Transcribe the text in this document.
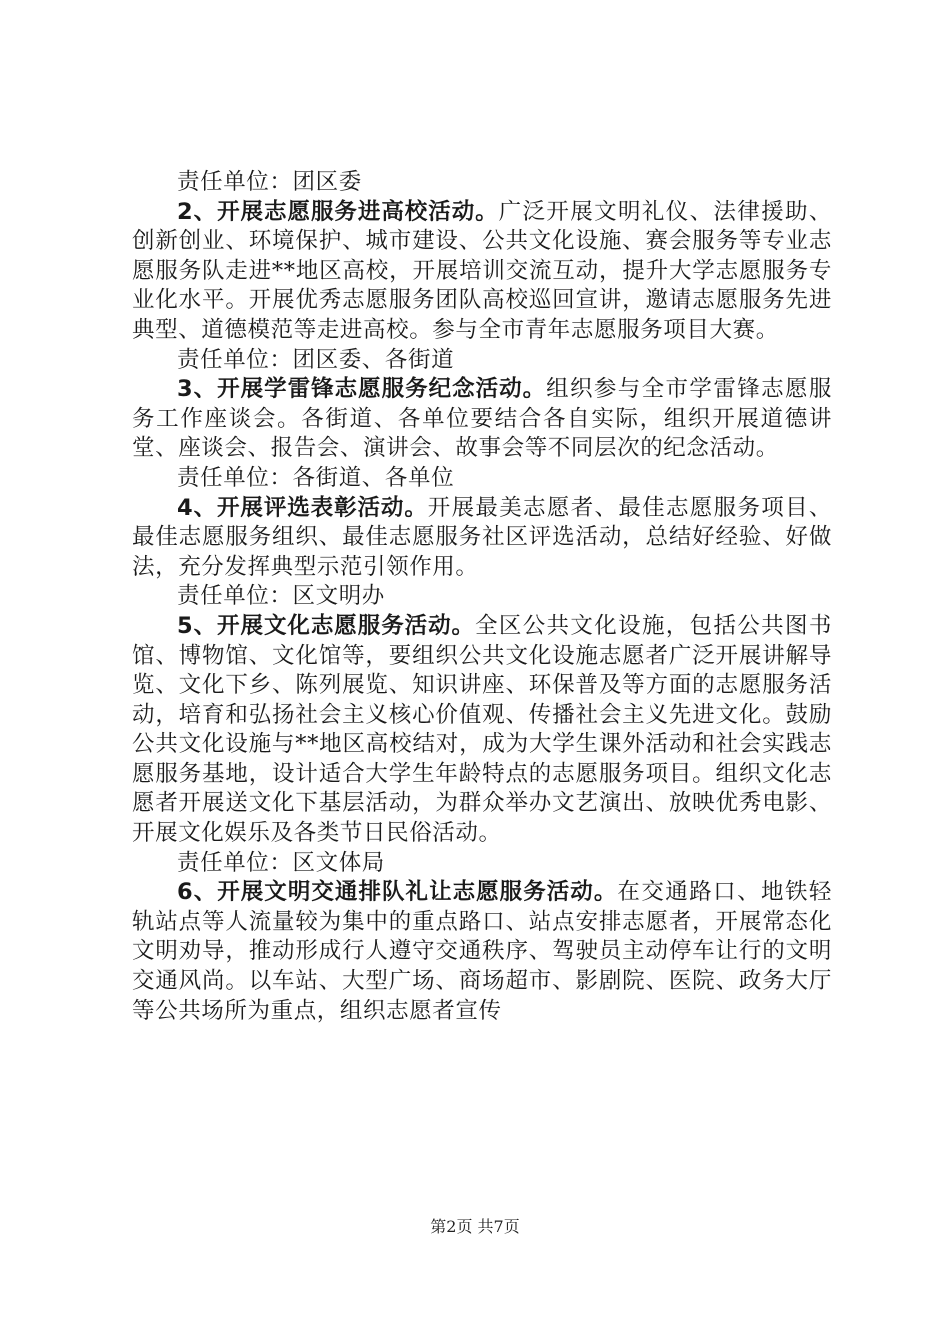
责任单位：团区委

2、开展志愿服务进高校活动。广泛开展文明礼仪、法律援助、创新创业、环境保护、城市建设、公共文化设施、赛会服务等专业志愿服务队走进**地区高校，开展培训交流互动，提升大学志愿服务专业化水平。开展优秀志愿服务团队高校巡回宣讲，邀请志愿服务先进典型、道德模范等走进高校。参与全市青年志愿服务项目大赛。

责任单位：团区委、各街道

3、开展学雷锋志愿服务纪念活动。组织参与全市学雷锋志愿服务工作座谈会。各街道、各单位要结合各自实际，组织开展道德讲堂、座谈会、报告会、演讲会、故事会等不同层次的纪念活动。

责任单位：各街道、各单位

4、开展评选表彰活动。开展最美志愿者、最佳志愿服务项目、最佳志愿服务组织、最佳志愿服务社区评选活动，总结好经验、好做法，充分发挥典型示范引领作用。

责任单位：区文明办

5、开展文化志愿服务活动。全区公共文化设施，包括公共图书馆、博物馆、文化馆等，要组织公共文化设施志愿者广泛开展讲解导览、文化下乡、陈列展览、知识讲座、环保普及等方面的志愿服务活动，培育和弘扬社会主义核心价值观、传播社会主义先进文化。鼓励公共文化设施与**地区高校结对，成为大学生课外活动和社会实践志愿服务基地，设计适合大学生年龄特点的志愿服务项目。组织文化志愿者开展送文化下基层活动，为群众举办文艺演出、放映优秀电影、开展文化娱乐及各类节日民俗活动。

责任单位：区文体局

6、开展文明交通排队礼让志愿服务活动。在交通路口、地铁轻轨站点等人流量较为集中的重点路口、站点安排志愿者，开展常态化文明劝导，推动形成行人遵守交通秩序、驾驶员主动停车让行的文明交通风尚。以车站、大型广场、商场超市、影剧院、医院、政务大厅等公共场所为重点，组织志愿者宣传

第2页 共7页
